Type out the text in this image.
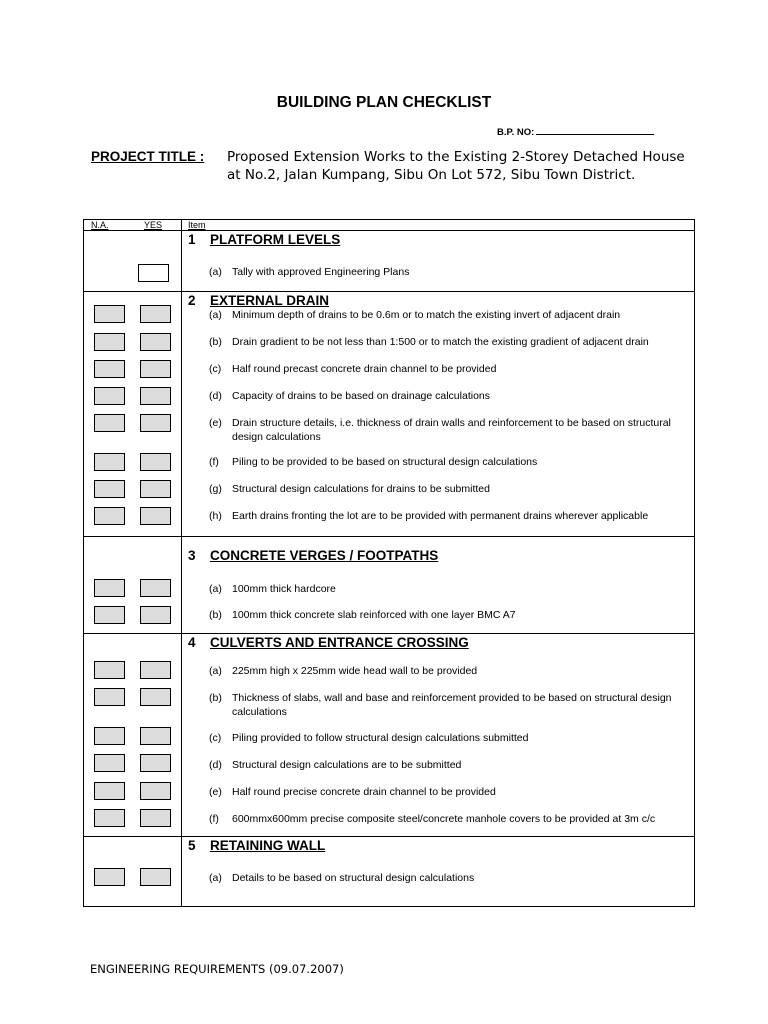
BUILDING PLAN CHECKLIST
B.P. NO:
PROJECT TITLE : Proposed Extension Works to the Existing 2-Storey Detached House at No.2, Jalan Kumpang, Sibu On Lot 572, Sibu Town District.
N.A.	YES	Item
1 PLATFORM LEVELS
(a) Tally with approved Engineering Plans
2 EXTERNAL DRAIN
(a) Minimum depth of drains to be 0.6m or to match the existing invert of adjacent drain
(b) Drain gradient to be not less than 1:500 or to match the existing gradient of adjacent drain
(c) Half round precast concrete drain channel to be provided
(d) Capacity of drains to be based on drainage calculations
(e) Drain structure details, i.e. thickness of drain walls and reinforcement to be based on structural design calculations
(f) Piling to be provided to be based on structural design calculations
(g) Structural design calculations for drains to be submitted
(h) Earth drains fronting the lot are to be provided with permanent drains wherever applicable
3 CONCRETE VERGES / FOOTPATHS
(a) 100mm thick hardcore
(b) 100mm thick concrete slab reinforced with one layer BMC A7
4 CULVERTS AND ENTRANCE CROSSING
(a) 225mm high x 225mm wide head wall to be provided
(b) Thickness of slabs, wall and base and reinforcement provided to be based on structural design calculations
(c) Piling provided to follow structural design calculations submitted
(d) Structural design calculations are to be submitted
(e) Half round precise concrete drain channel to be provided
(f) 600mmx600mm precise composite steel/concrete manhole covers to be provided at 3m c/c
5 RETAINING WALL
(a) Details to be based on structural design calculations
ENGINEERING REQUIREMENTS (09.07.2007)
